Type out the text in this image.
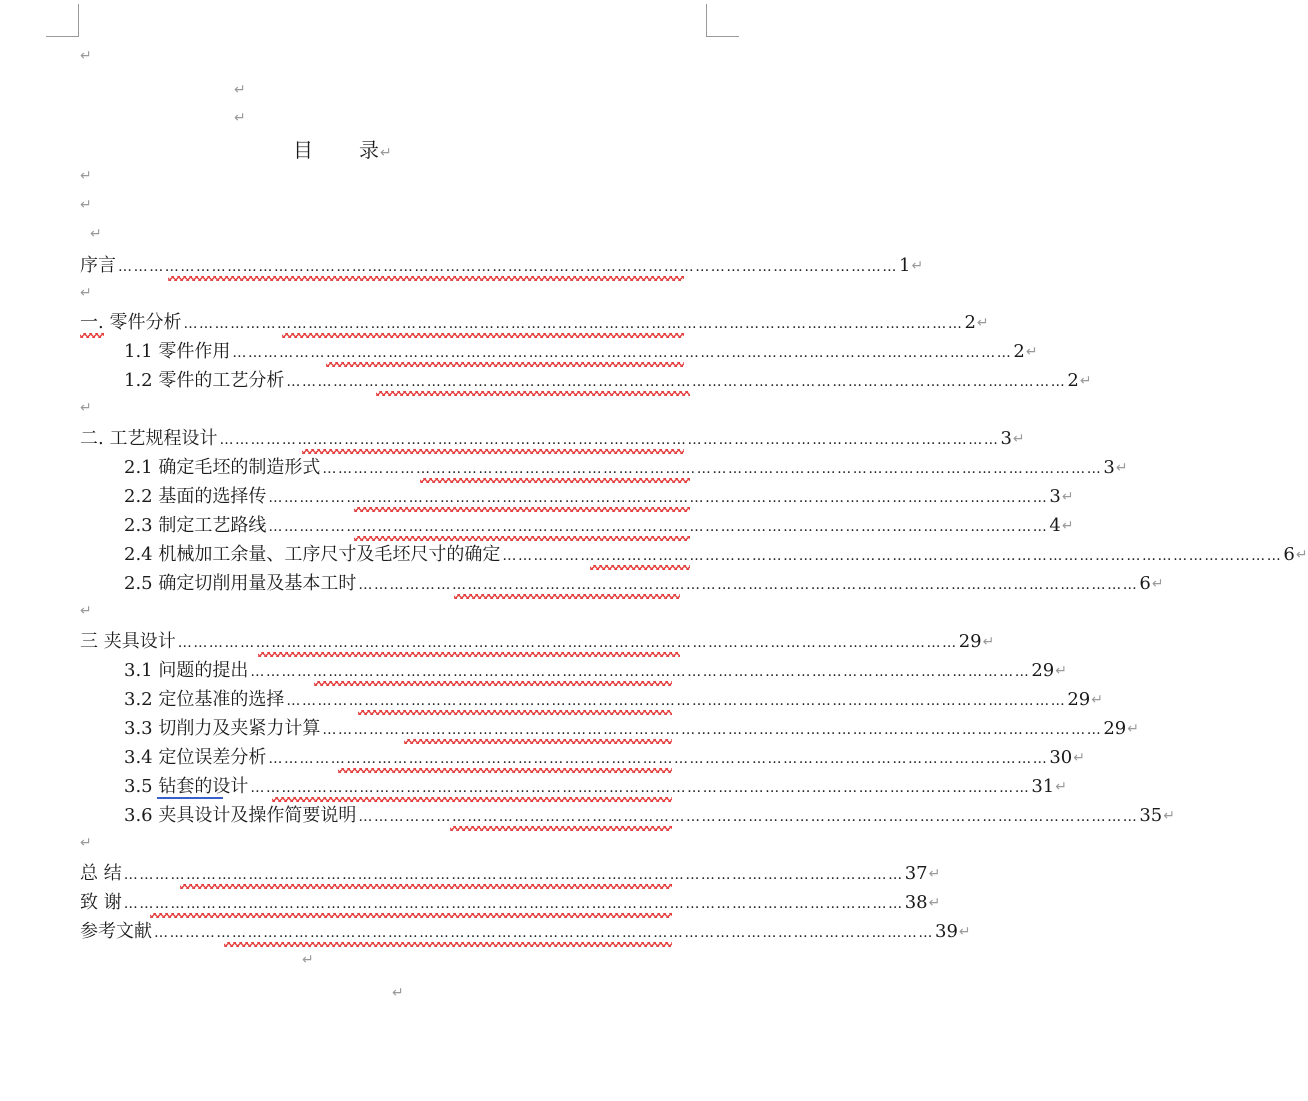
↵
↵
↵
↵
↵
↵
↵
↵
↵
↵
↵
↵
目 录↵
序言 …………………………………………………………………………………………………………………………………… 1 ↵
一. 零件分析 …………………………………………………………………………………………………………………………………… 2 ↵
1.1 零件作用 …………………………………………………………………………………………………………………………………… 2 ↵
1.2 零件的工艺分析 …………………………………………………………………………………………………………………………………… 2 ↵
二. 工艺规程设计 …………………………………………………………………………………………………………………………………… 3 ↵
2.1 确定毛坯的制造形式 …………………………………………………………………………………………………………………………………… 3 ↵
2.2 基面的选择传 …………………………………………………………………………………………………………………………………… 3 ↵
2.3 制定工艺路线 …………………………………………………………………………………………………………………………………… 4 ↵
2.4 机械加工余量、工序尺寸及毛坯尺寸的确定 …………………………………………………………………………………………………………………………………… 6 ↵
2.5 确定切削用量及基本工时 …………………………………………………………………………………………………………………………………… 6 ↵
三 夹具设计 …………………………………………………………………………………………………………………………………… 29 ↵
3.1 问题的提出 …………………………………………………………………………………………………………………………………… 29 ↵
3.2 定位基准的选择 …………………………………………………………………………………………………………………………………… 29 ↵
3.3 切削力及夹紧力计算 …………………………………………………………………………………………………………………………………… 29 ↵
3.4 定位误差分析 …………………………………………………………………………………………………………………………………… 30 ↵
3.5 钻套的设计 …………………………………………………………………………………………………………………………………… 31 ↵
3.6 夹具设计及操作简要说明 …………………………………………………………………………………………………………………………………… 35 ↵
总 结 …………………………………………………………………………………………………………………………………… 37 ↵
致 谢 …………………………………………………………………………………………………………………………………… 38 ↵
参考文献 …………………………………………………………………………………………………………………………………… 39 ↵
